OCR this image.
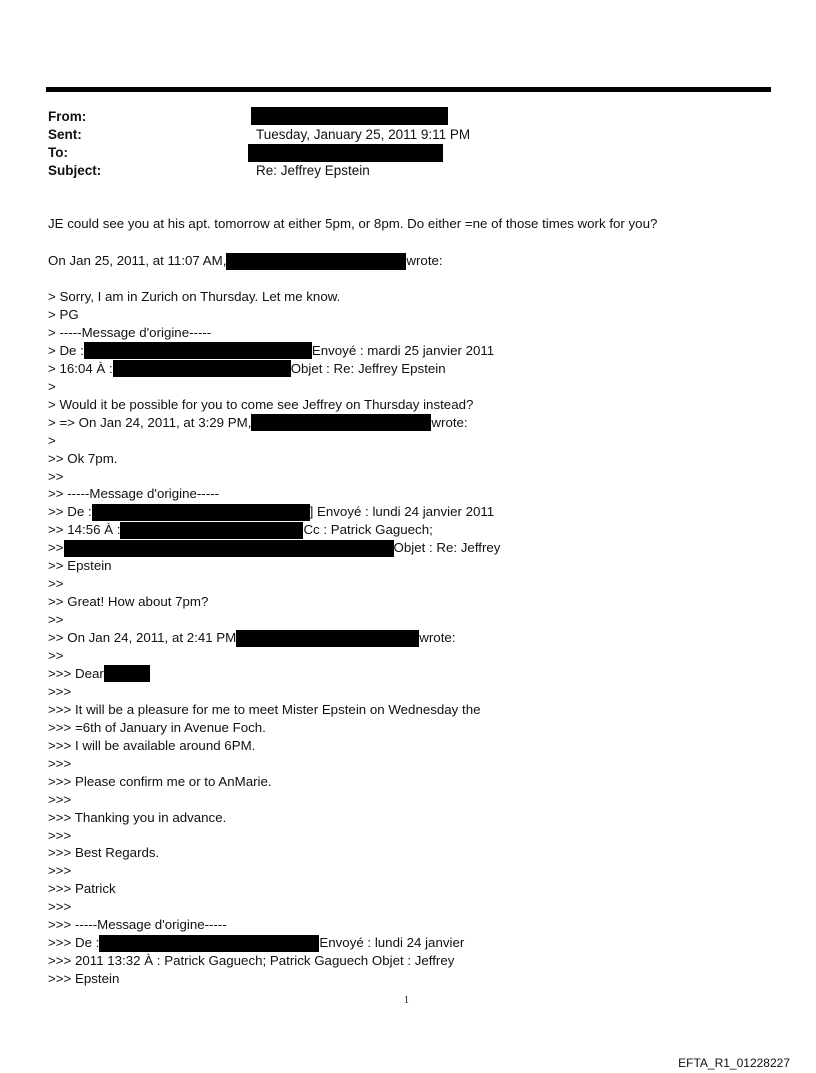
From:
Sent:	Tuesday, January 25, 2011 9:11 PM
To:
Subject:	Re: Jeffrey Epstein
JE could see you at his apt. tomorrow at either 5pm, or 8pm. Do either =ne of those times work for you?
On Jan 25, 2011, at 11:07 AM,	wrote:
> Sorry, I am in Zurich on Thursday. Let me know.
> PG
> -----Message d'origine-----
> De :	Envoyé : mardi 25 janvier 2011
> 16:04 À :	Objet : Re: Jeffrey Epstein
>
> Would it be possible for you to come see Jeffrey on Thursday instead?
> => On Jan 24, 2011, at 3:29 PM,	wrote:
>
>> Ok 7pm.
>>
>> -----Message d'origine-----
>> De :	] Envoyé : lundi 24 janvier 2011
>> 14:56 À :	Cc : Patrick Gaguech;
>>	Objet : Re: Jeffrey
>> Epstein
>>
>> Great! How about 7pm?
>>
>> On Jan 24, 2011, at 2:41 PM	wrote:
>>
>>> Dear
>>>
>>> It will be a pleasure for me to meet Mister Epstein on Wednesday the
>>> =6th of January in Avenue Foch.
>>> I will be available around 6PM.
>>>
>>> Please confirm me or to AnMarie.
>>>
>>> Thanking you in advance.
>>>
>>> Best Regards.
>>>
>>> Patrick
>>>
>>> -----Message d'origine-----
>>> De :	Envoyé : lundi 24 janvier
>>> 2011 13:32 À : Patrick Gaguech; Patrick Gaguech Objet : Jeffrey
>>> Epstein
1
EFTA_R1_01228227
